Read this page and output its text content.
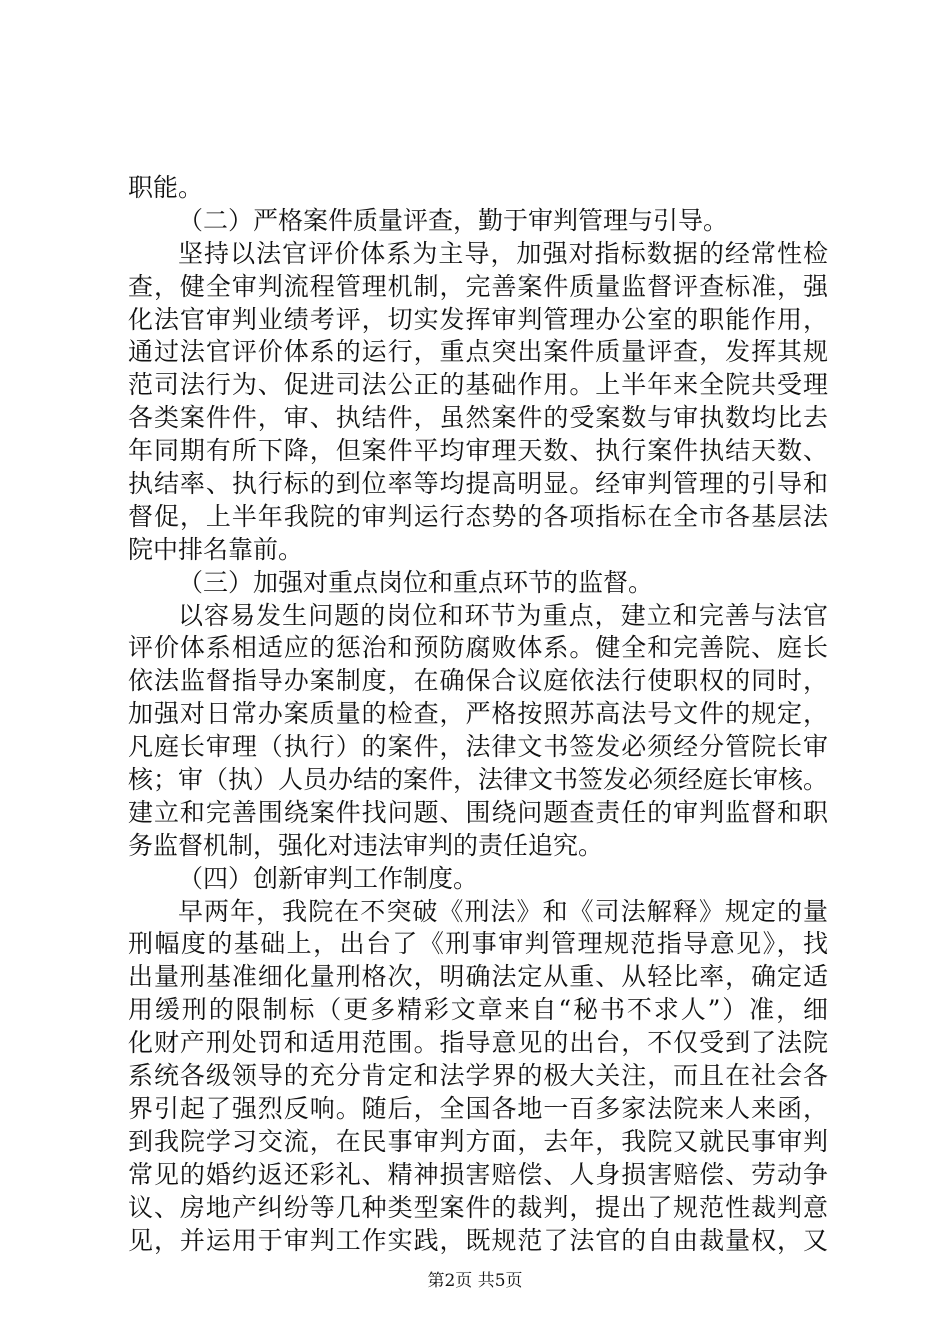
职能。
（二）严格案件质量评查，勤于审判管理与引导。
坚持以法官评价体系为主导，加强对指标数据的经常性检
查，健全审判流程管理机制，完善案件质量监督评查标准，强
化法官审判业绩考评，切实发挥审判管理办公室的职能作用，
通过法官评价体系的运行，重点突出案件质量评查，发挥其规
范司法行为、促进司法公正的基础作用。上半年来全院共受理
各类案件件，审、执结件，虽然案件的受案数与审执数均比去
年同期有所下降，但案件平均审理天数、执行案件执结天数、
执结率、执行标的到位率等均提高明显。经审判管理的引导和
督促，上半年我院的审判运行态势的各项指标在全市各基层法
院中排名靠前。
（三）加强对重点岗位和重点环节的监督。
以容易发生问题的岗位和环节为重点，建立和完善与法官
评价体系相适应的惩治和预防腐败体系。健全和完善院、庭长
依法监督指导办案制度，在确保合议庭依法行使职权的同时，
加强对日常办案质量的检查，严格按照苏高法号文件的规定，
凡庭长审理（执行）的案件，法律文书签发必须经分管院长审
核；审（执）人员办结的案件，法律文书签发必须经庭长审核。
建立和完善围绕案件找问题、围绕问题查责任的审判监督和职
务监督机制，强化对违法审判的责任追究。
（四）创新审判工作制度。
早两年，我院在不突破《刑法》和《司法解释》规定的量
刑幅度的基础上，出台了《刑事审判管理规范指导意见》，找
出量刑基准细化量刑格次，明确法定从重、从轻比率，确定适
用缓刑的限制标（更多精彩文章来自“秘书不求人”）准，细
化财产刑处罚和适用范围。指导意见的出台，不仅受到了法院
系统各级领导的充分肯定和法学界的极大关注，而且在社会各
界引起了强烈反响。随后，全国各地一百多家法院来人来函，
到我院学习交流，在民事审判方面，去年，我院又就民事审判
常见的婚约返还彩礼、精神损害赔偿、人身损害赔偿、劳动争
议、房地产纠纷等几种类型案件的裁判，提出了规范性裁判意
见，并运用于审判工作实践，既规范了法官的自由裁量权，又
第2页 共5页
